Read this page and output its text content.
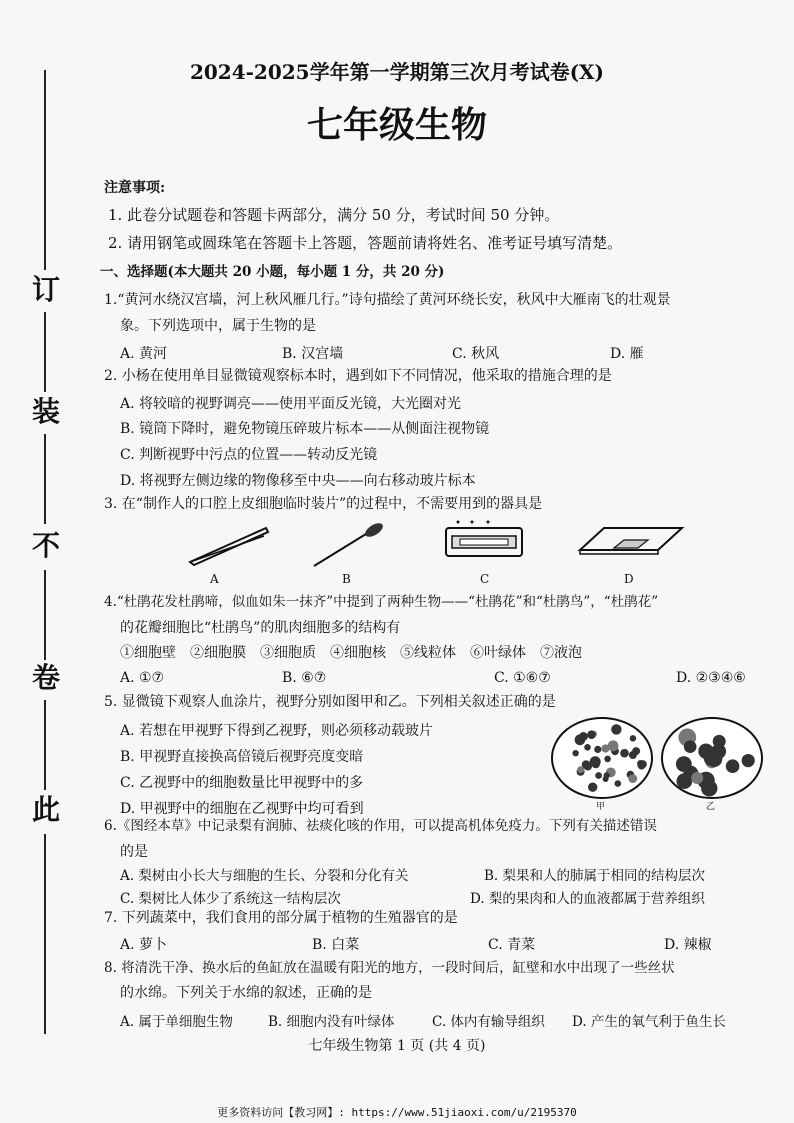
订
装
不
卷
此
2024-2025学年第一学期第三次月考试卷(X)
七年级生物
注意事项:
1. 此卷分试题卷和答题卡两部分，满分 50 分，考试时间 50 分钟。
2. 请用钢笔或圆珠笔在答题卡上答题，答题前请将姓名、准考证号填写清楚。
一、选择题(本大题共 20 小题，每小题 1 分，共 20 分)
1.“黄河水绕汉宫墙，河上秋风雁几行。”诗句描绘了黄河环绕长安，秋风中大雁南飞的壮观景
象。下列选项中，属于生物的是
A. 黄河	B. 汉宫墙	C. 秋风	D. 雁
2. 小杨在使用单目显微镜观察标本时，遇到如下不同情况，他采取的措施合理的是
A. 将较暗的视野调亮——使用平面反光镜，大光圈对光
B. 镜筒下降时，避免物镜压碎玻片标本——从侧面注视物镜
C. 判断视野中污点的位置——转动反光镜
D. 将视野左侧边缘的物像移至中央——向右移动玻片标本
3. 在“制作人的口腔上皮细胞临时装片”的过程中，不需要用到的器具是
A	B	C	D
4.“杜鹃花发杜鹃啼，似血如朱一抹齐”中提到了两种生物——“杜鹃花”和“杜鹃鸟”，“杜鹃花”
的花瓣细胞比“杜鹃鸟”的肌肉细胞多的结构有
①细胞壁　②细胞膜　③细胞质　④细胞核　⑤线粒体　⑥叶绿体　⑦液泡
A. ①⑦	B. ⑥⑦	C. ①⑥⑦	D. ②③④⑥
5. 显微镜下观察人血涂片，视野分别如图甲和乙。下列相关叙述正确的是
A. 若想在甲视野下得到乙视野，则必须移动载玻片
B. 甲视野直接换高倍镜后视野亮度变暗
C. 乙视野中的细胞数量比甲视野中的多
D. 甲视野中的细胞在乙视野中均可看到	甲	乙
6.《图经本草》中记录梨有润肺、祛痰化咳的作用，可以提高机体免疫力。下列有关描述错误
的是
A. 梨树由小长大与细胞的生长、分裂和分化有关	B. 梨果和人的肺属于相同的结构层次
C. 梨树比人体少了系统这一结构层次	D. 梨的果肉和人的血液都属于营养组织
7. 下列蔬菜中，我们食用的部分属于植物的生殖器官的是
A. 萝卜	B. 白菜	C. 青菜	D. 辣椒
8. 将清洗干净、换水后的鱼缸放在温暖有阳光的地方，一段时间后，缸壁和水中出现了一些丝状
的水绵。下列关于水绵的叙述，正确的是
A. 属于单细胞生物	B. 细胞内没有叶绿体	C. 体内有输导组织 D. 产生的氧气利于鱼生长
七年级生物第 1 页 (共 4 页)
更多资料访问【教习网】: https://www.51jiaoxi.com/u/2195370
